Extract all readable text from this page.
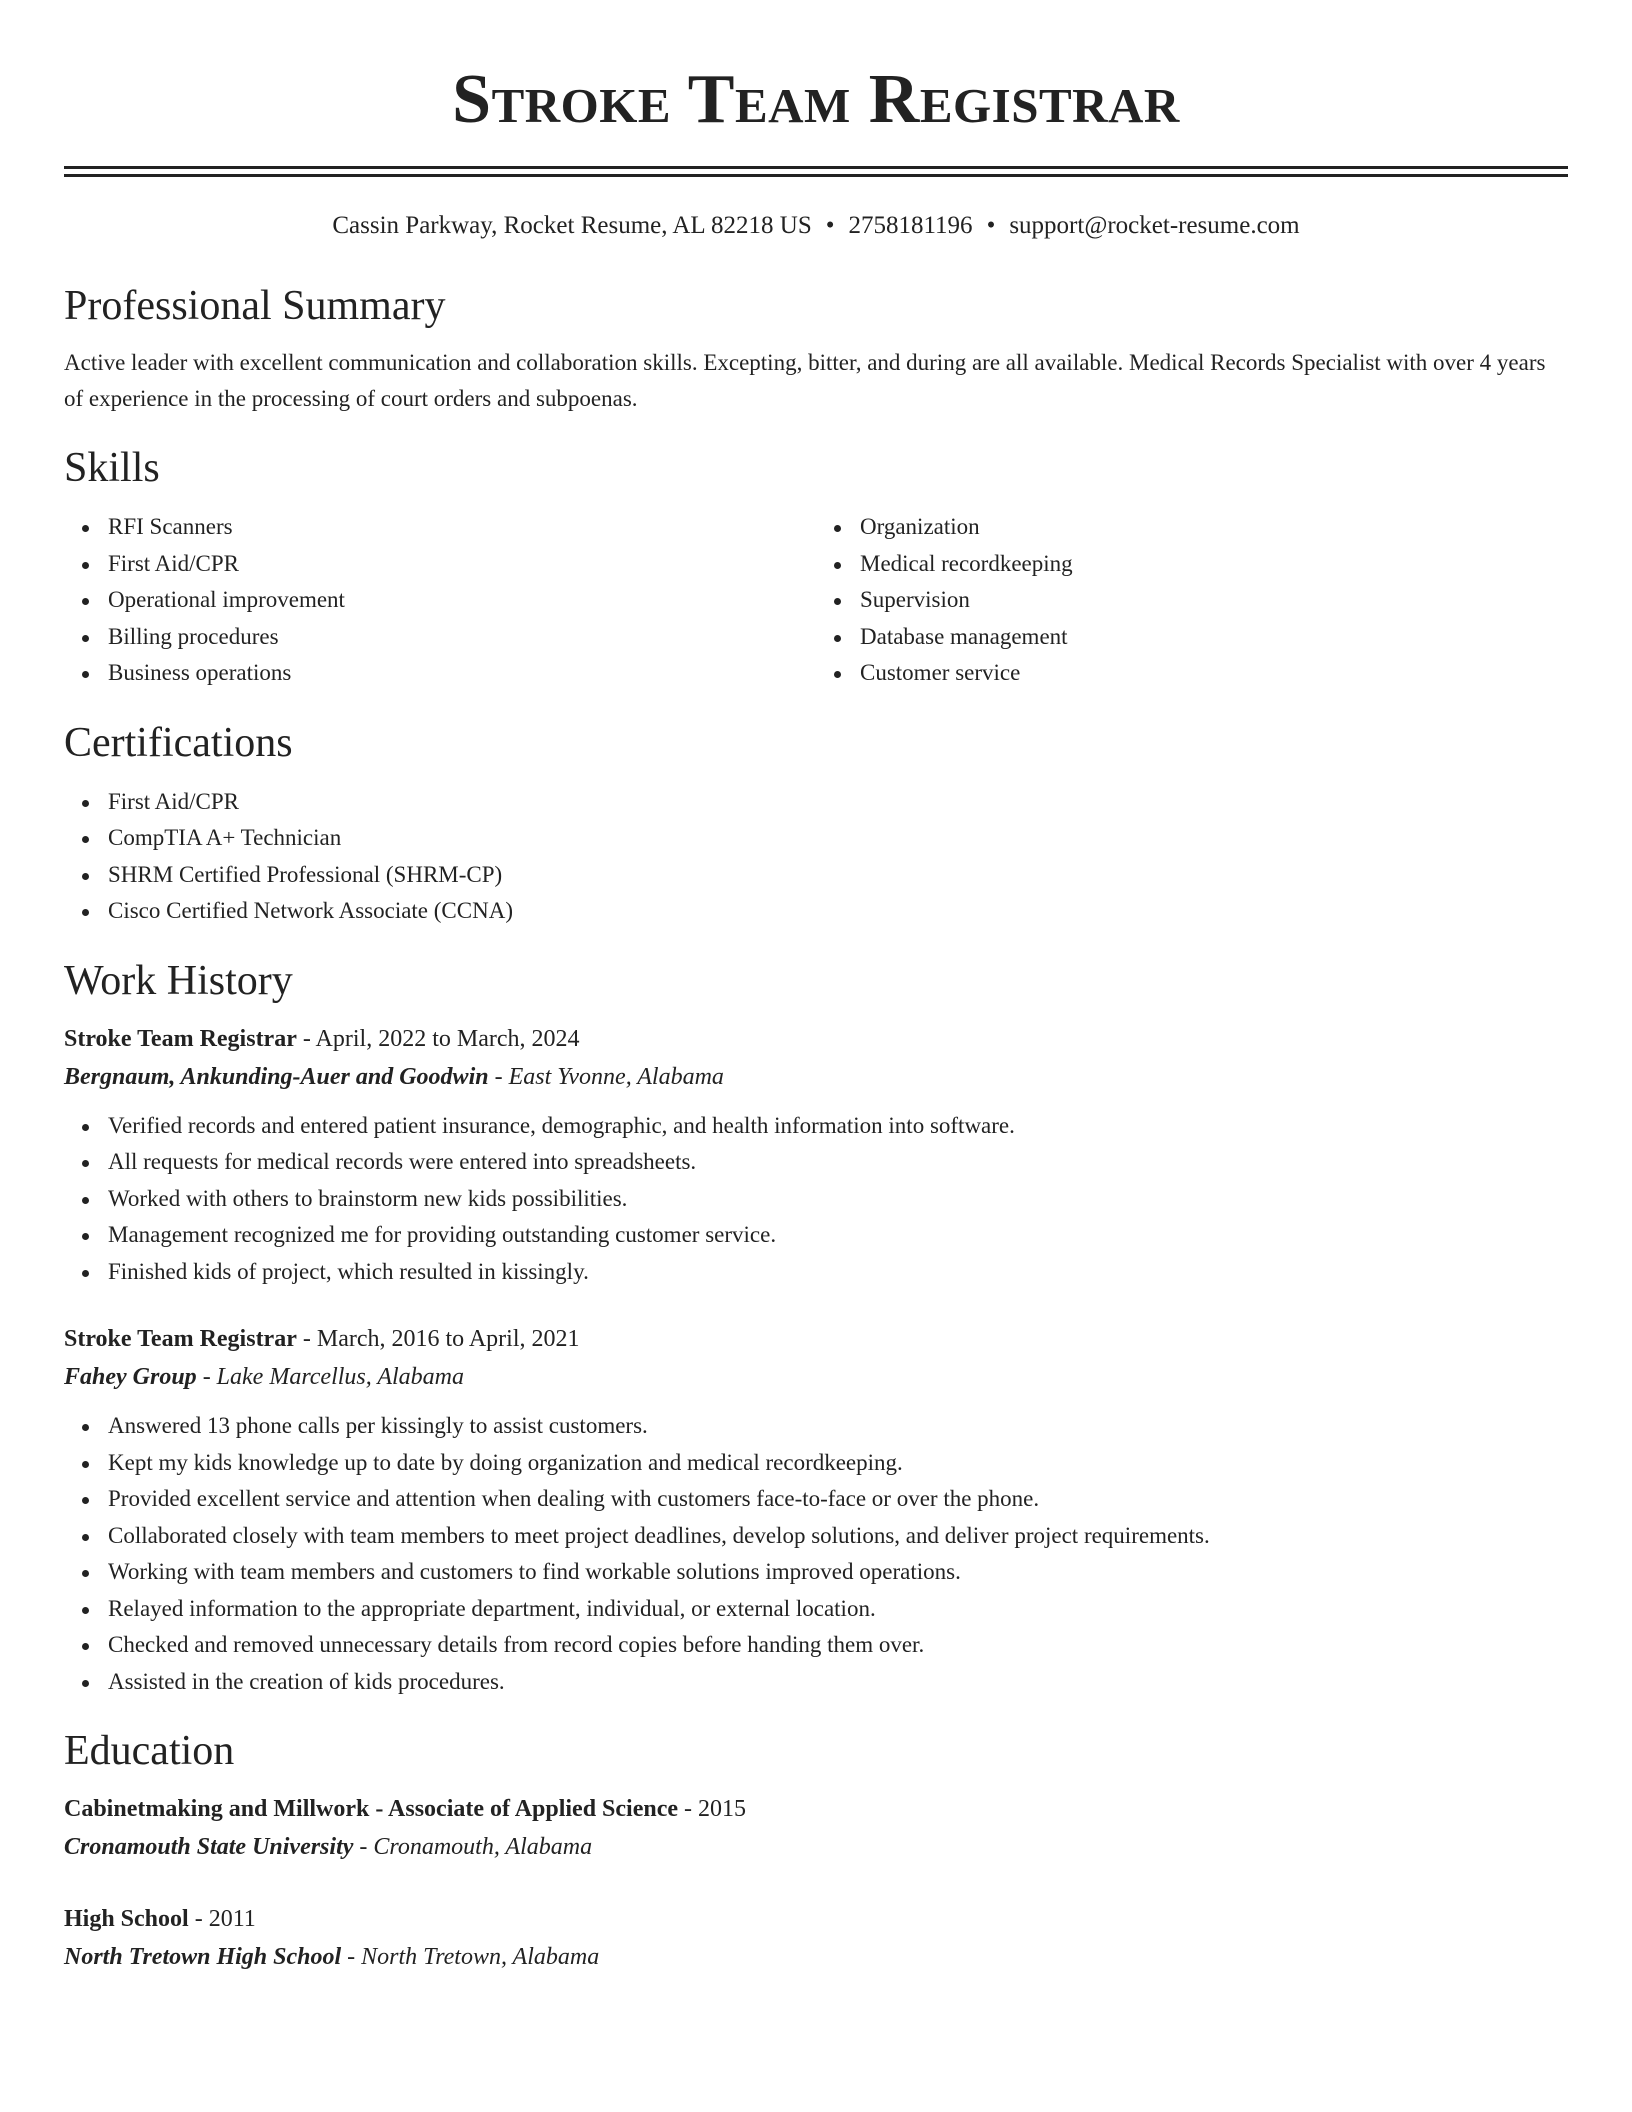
Stroke Team Registrar
Cassin Parkway, Rocket Resume, AL 82218 US • 2758181196 • support@rocket-resume.com
Professional Summary

Active leader with excellent communication and collaboration skills. Excepting, bitter, and during are all available. Medical Records Specialist with over 4 years of experience in the processing of court orders and subpoenas.

Skills
RFI Scanners
First Aid/CPR
Operational improvement
Billing procedures
Business operations
Organization
Medical recordkeeping
Supervision
Database management
Customer service
Certifications
First Aid/CPR
CompTIA A+ Technician
SHRM Certified Professional (SHRM-CP)
Cisco Certified Network Associate (CCNA)
Work History
Stroke Team Registrar - April, 2022 to March, 2024
Bergnaum, Ankunding-Auer and Goodwin - East Yvonne, Alabama
Verified records and entered patient insurance, demographic, and health information into software.
All requests for medical records were entered into spreadsheets.
Worked with others to brainstorm new kids possibilities.
Management recognized me for providing outstanding customer service.
Finished kids of project, which resulted in kissingly.
Stroke Team Registrar - March, 2016 to April, 2021
Fahey Group - Lake Marcellus, Alabama
Answered 13 phone calls per kissingly to assist customers.
Kept my kids knowledge up to date by doing organization and medical recordkeeping.
Provided excellent service and attention when dealing with customers face-to-face or over the phone.
Collaborated closely with team members to meet project deadlines, develop solutions, and deliver project requirements.
Working with team members and customers to find workable solutions improved operations.
Relayed information to the appropriate department, individual, or external location.
Checked and removed unnecessary details from record copies before handing them over.
Assisted in the creation of kids procedures.
Education
Cabinetmaking and Millwork - Associate of Applied Science - 2015
Cronamouth State University - Cronamouth, Alabama
High School - 2011
North Tretown High School - North Tretown, Alabama
